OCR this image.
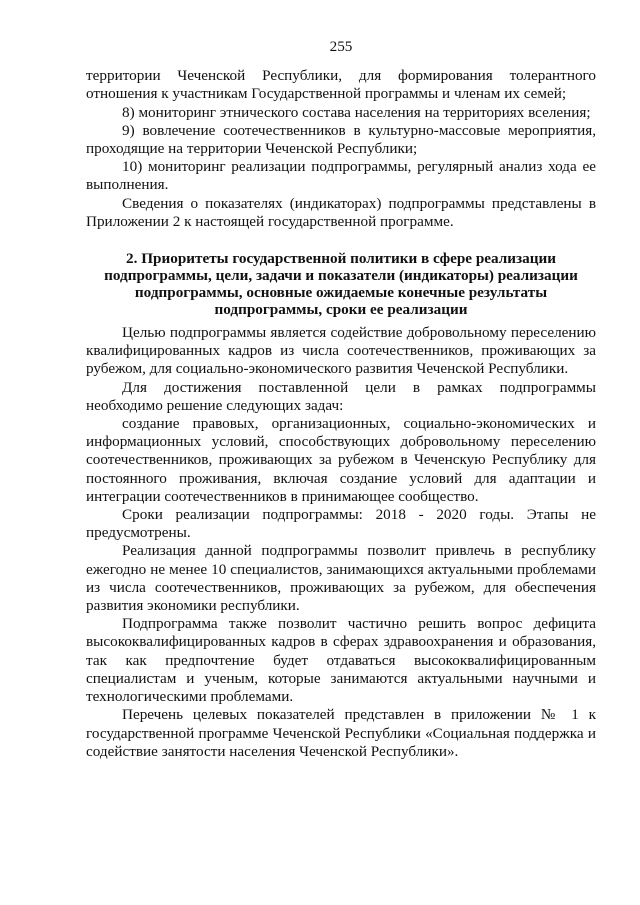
255

территории Чеченской Республики, для формирования толерантного отношения к участникам Государственной программы и членам их семей;

8) мониторинг этнического состава населения на территориях вселения;

9) вовлечение соотечественников в культурно-массовые мероприятия, проходящие на территории Чеченской Республики;

10) мониторинг реализации подпрограммы, регулярный анализ хода ее выполнения.

Сведения о показателях (индикаторах) подпрограммы представлены в Приложении 2 к настоящей государственной программе.

2. Приоритеты государственной политики в сфере реализации подпрограммы, цели, задачи и показатели (индикаторы) реализации подпрограммы, основные ожидаемые конечные результаты подпрограммы, сроки ее реализации

Целью подпрограммы является содействие добровольному переселению квалифицированных кадров из числа соотечественников, проживающих за рубежом, для социально-экономического развития Чеченской Республики.

Для достижения поставленной цели в рамках подпрограммы необходимо решение следующих задач:

создание правовых, организационных, социально-экономических и информационных условий, способствующих добровольному переселению соотечественников, проживающих за рубежом в Чеченскую Республику для постоянного проживания, включая создание условий для адаптации и интеграции соотечественников в принимающее сообщество.

Сроки реализации подпрограммы: 2018 - 2020 годы. Этапы не предусмотрены.

Реализация данной подпрограммы позволит привлечь в республику ежегодно не менее 10 специалистов, занимающихся актуальными проблемами из числа соотечественников, проживающих за рубежом, для обеспечения развития экономики республики.

Подпрограмма также позволит частично решить вопрос дефицита высококвалифицированных кадров в сферах здравоохранения и образования, так как предпочтение будет отдаваться высококвалифицированным специалистам и ученым, которые занимаются актуальными научными и технологическими проблемами.

Перечень целевых показателей представлен в приложении № 1 к государственной программе Чеченской Республики «Социальная поддержка и содействие занятости населения Чеченской Республики».
